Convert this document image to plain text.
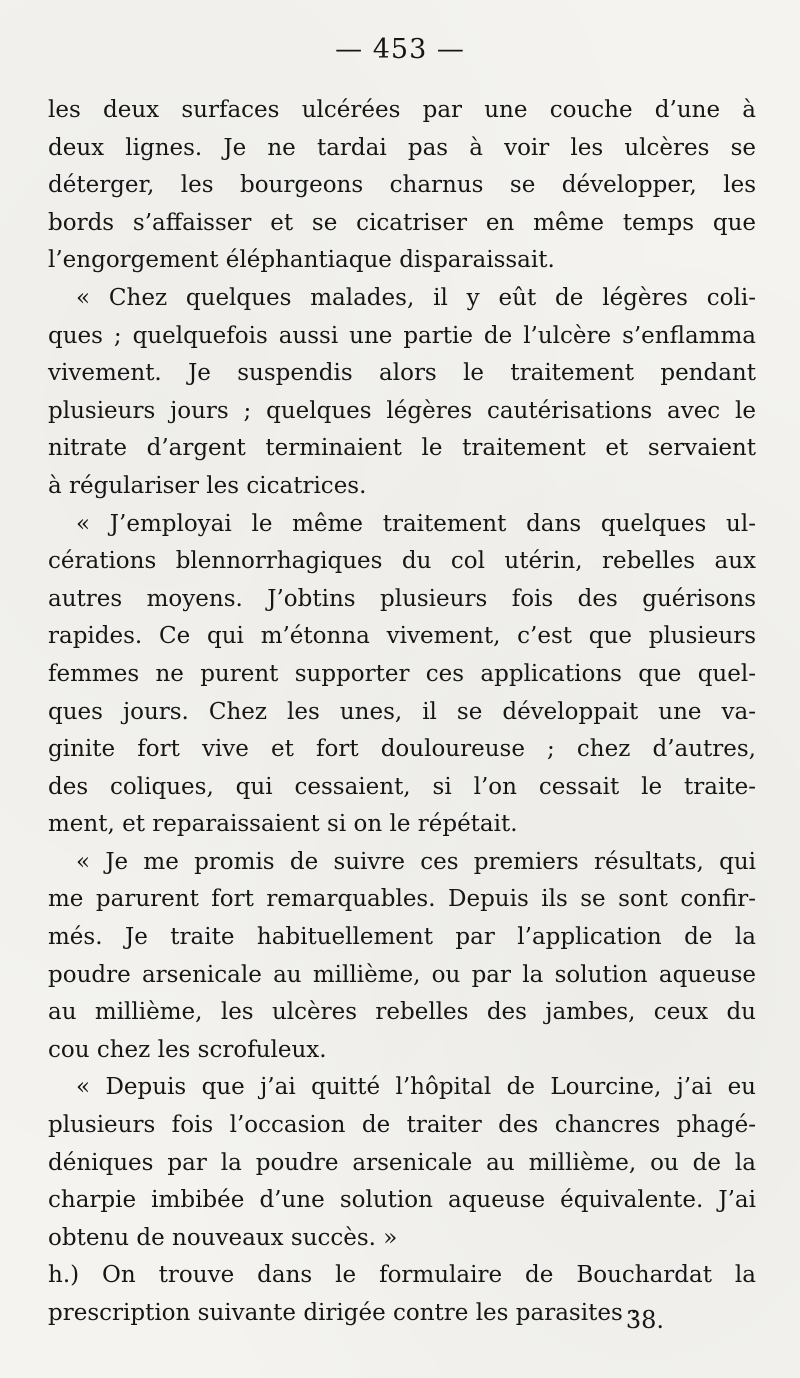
— 453 —
les deux surfaces ulcérées par une couche d’une à
deux lignes. Je ne tardai pas à voir les ulcères se
déterger, les bourgeons charnus se développer, les
bords s’affaisser et se cicatriser en même temps que
l’engorgement éléphantiaque disparaissait.
« Chez quelques malades, il y eût de légères coli-
ques ; quelquefois aussi une partie de l’ulcère s’enflamma
vivement. Je suspendis alors le traitement pendant
plusieurs jours ; quelques légères cautérisations avec le
nitrate d’argent terminaient le traitement et servaient
à régulariser les cicatrices.
« J’employai le même traitement dans quelques ul-
cérations blennorrhagiques du col utérin, rebelles aux
autres moyens. J’obtins plusieurs fois des guérisons
rapides. Ce qui m’étonna vivement, c’est que plusieurs
femmes ne purent supporter ces applications que quel-
ques jours. Chez les unes, il se développait une va-
ginite fort vive et fort douloureuse ; chez d’autres,
des coliques, qui cessaient, si l’on cessait le traite-
ment, et reparaissaient si on le répétait.
« Je me promis de suivre ces premiers résultats, qui
me parurent fort remarquables. Depuis ils se sont confir-
més. Je traite habituellement par l’application de la
poudre arsenicale au millième, ou par la solution aqueuse
au millième, les ulcères rebelles des jambes, ceux du
cou chez les scrofuleux.
« Depuis que j’ai quitté l’hôpital de Lourcine, j’ai eu
plusieurs fois l’occasion de traiter des chancres phagé-
déniques par la poudre arsenicale au millième, ou de la
charpie imbibée d’une solution aqueuse équivalente. J’ai
obtenu de nouveaux succès. »
h.) On trouve dans le formulaire de Bouchardat la
prescription suivante dirigée contre les parasites :
38.
